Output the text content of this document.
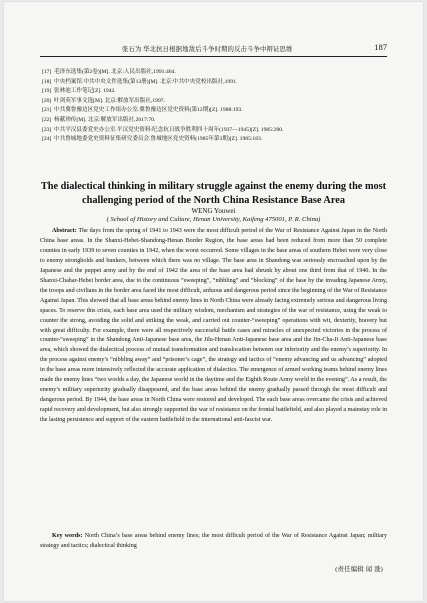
张石为 华北抗日根据地敌后斗争时期的反击斗争中辩证思维	187
[17] 毛泽东选集(第2卷)[M]. 北京:人民出版社,1991:464.
[18] 中央档案馆.中共中央文件选集(第13册)[M]. 北京:中共中央党校出版社,1991.
[19] 张林池工作笔记[Z]. 1942.
[20] 叶剑英军事文选[M]. 北京:解放军出版社,1997.
[21] 中共冀鲁豫边区党史工作组办公室.冀鲁豫边区党史资料(第12期)[Z]. 1988:193.
[22] 杨献珍传[M]. 北京:解放军出版社,2017:70.
[23] 中共平汉县委党史办公室.平汉党史资料:纪念抗日战争胜利四十周年(1937—1945)[Z]. 1985:280.
[24] 中共鲁城地委党史资料征集研究委员会.鲁城地区党史资料(1985年第3期)[Z]. 1985:183.
The dialectical thinking in military struggle against the enemy during the most challenging period of the North China Resistance Base Area
WENG Youwei
( School of History and Culture, Henan University, Kaifeng 475001, P. R. China)

Abstract: The days from the spring of 1941 to 1943 were the most difficult period of the War of Resistance Against Japan in the North China base areas. In the Shanxi-Hebei-Shandong-Henan Border Region, the base areas had been reduced from more than 50 complete counties in early 1939 to seven counties in 1942, when the worst occurred. Some villages in the base areas of southern Hebei were very close to enemy strongholds and bunkers, between which there was no village. The base area in Shandong was seriously encroached upon by the Japanese and the puppet army and by the end of 1942 the area of the base area had shrunk by about one third from that of 1940. In the Shanxi-Chahar-Hebei border area, due to the continuous “sweeping”, “nibbling” and “blocking” of the base by the invading Japanese Army, the troops and civilians in the border area faced the most difficult, arduous and dangerous period since the beginning of the War of Resistance Against Japan. This showed that all base areas behind enemy lines in North China were already facing extremely serious and dangerous living spaces. To reserve this crisis, each base area used the military wisdom, mechanism and strategies of the war of resistance, using the weak to counter the strong, avoiding the solid and striking the weak, and carried out counter-“sweeping” operations with wit, dexterity, bravery but with great difficulty. For example, there were all respectively successful battle cases and miracles of unexpected victories in the process of counter-“sweeping” in the Shandong Anti-Japanese base area, the Jilu-Henan Anti-Japanese base area and the Jin-Cha-Ji Anti-Japanese base area, which showed the dialectical process of mutual transformation and translocation between our inferiority and the enemy’s superiority. In the process against enemy’s “nibbling away” and “prisoner’s cage”, the strategy and tactics of “enemy advancing and us advancing” adopted in the base areas more intensively reflected the accurate application of dialectics. The emergence of armed working teams behind enemy lines made the enemy lines “two worlds a day, the Japanese world in the daytime and the Eighth Route Army world in the evening”. As a result, the enemy’s military superiority gradually disappeared, and the base areas behind the enemy gradually passed through the most difficult and dangerous period. By 1944, the base areas in North China were restored and developed. The each base areas overcame the crisis and achieved rapid recovery and development, but also strongly supported the war of resistance on the frontal battlefield, and also played a mainstay role in the lasting persistence and support of the eastern battlefield in the international anti-fascist war.

Key words: North China’s base areas behind enemy lines; the most difficult period of the War of Resistance Against Japan; military strategy and tactics; dialectical thinking

(责任编辑 闻 涨)
